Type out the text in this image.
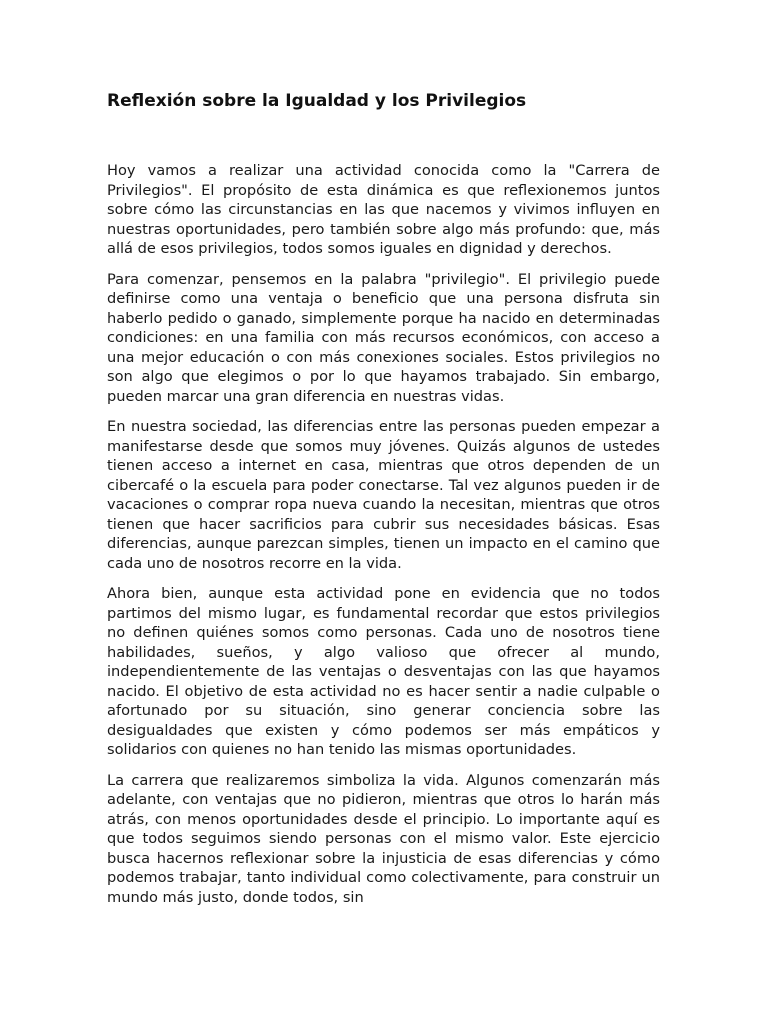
Reflexión sobre la Igualdad y los Privilegios

Hoy vamos a realizar una actividad conocida como la "Carrera de Privilegios". El propósito de esta dinámica es que reflexionemos juntos sobre cómo las circunstancias en las que nacemos y vivimos influyen en nuestras oportunidades, pero también sobre algo más profundo: que, más allá de esos privilegios, todos somos iguales en dignidad y derechos.

Para comenzar, pensemos en la palabra "privilegio". El privilegio puede definirse como una ventaja o beneficio que una persona disfruta sin haberlo pedido o ganado, simplemente porque ha nacido en determinadas condiciones: en una familia con más recursos económicos, con acceso a una mejor educación o con más conexiones sociales. Estos privilegios no son algo que elegimos o por lo que hayamos trabajado. Sin embargo, pueden marcar una gran diferencia en nuestras vidas.

En nuestra sociedad, las diferencias entre las personas pueden empezar a manifestarse desde que somos muy jóvenes. Quizás algunos de ustedes tienen acceso a internet en casa, mientras que otros dependen de un cibercafé o la escuela para poder conectarse. Tal vez algunos pueden ir de vacaciones o comprar ropa nueva cuando la necesitan, mientras que otros tienen que hacer sacrificios para cubrir sus necesidades básicas. Esas diferencias, aunque parezcan simples, tienen un impacto en el camino que cada uno de nosotros recorre en la vida.

Ahora bien, aunque esta actividad pone en evidencia que no todos partimos del mismo lugar, es fundamental recordar que estos privilegios no definen quiénes somos como personas. Cada uno de nosotros tiene habilidades, sueños, y algo valioso que ofrecer al mundo, independientemente de las ventajas o desventajas con las que hayamos nacido. El objetivo de esta actividad no es hacer sentir a nadie culpable o afortunado por su situación, sino generar conciencia sobre las desigualdades que existen y cómo podemos ser más empáticos y solidarios con quienes no han tenido las mismas oportunidades.

La carrera que realizaremos simboliza la vida. Algunos comenzarán más adelante, con ventajas que no pidieron, mientras que otros lo harán más atrás, con menos oportunidades desde el principio. Lo importante aquí es que todos seguimos siendo personas con el mismo valor. Este ejercicio busca hacernos reflexionar sobre la injusticia de esas diferencias y cómo podemos trabajar, tanto individual como colectivamente, para construir un mundo más justo, donde todos, sin
